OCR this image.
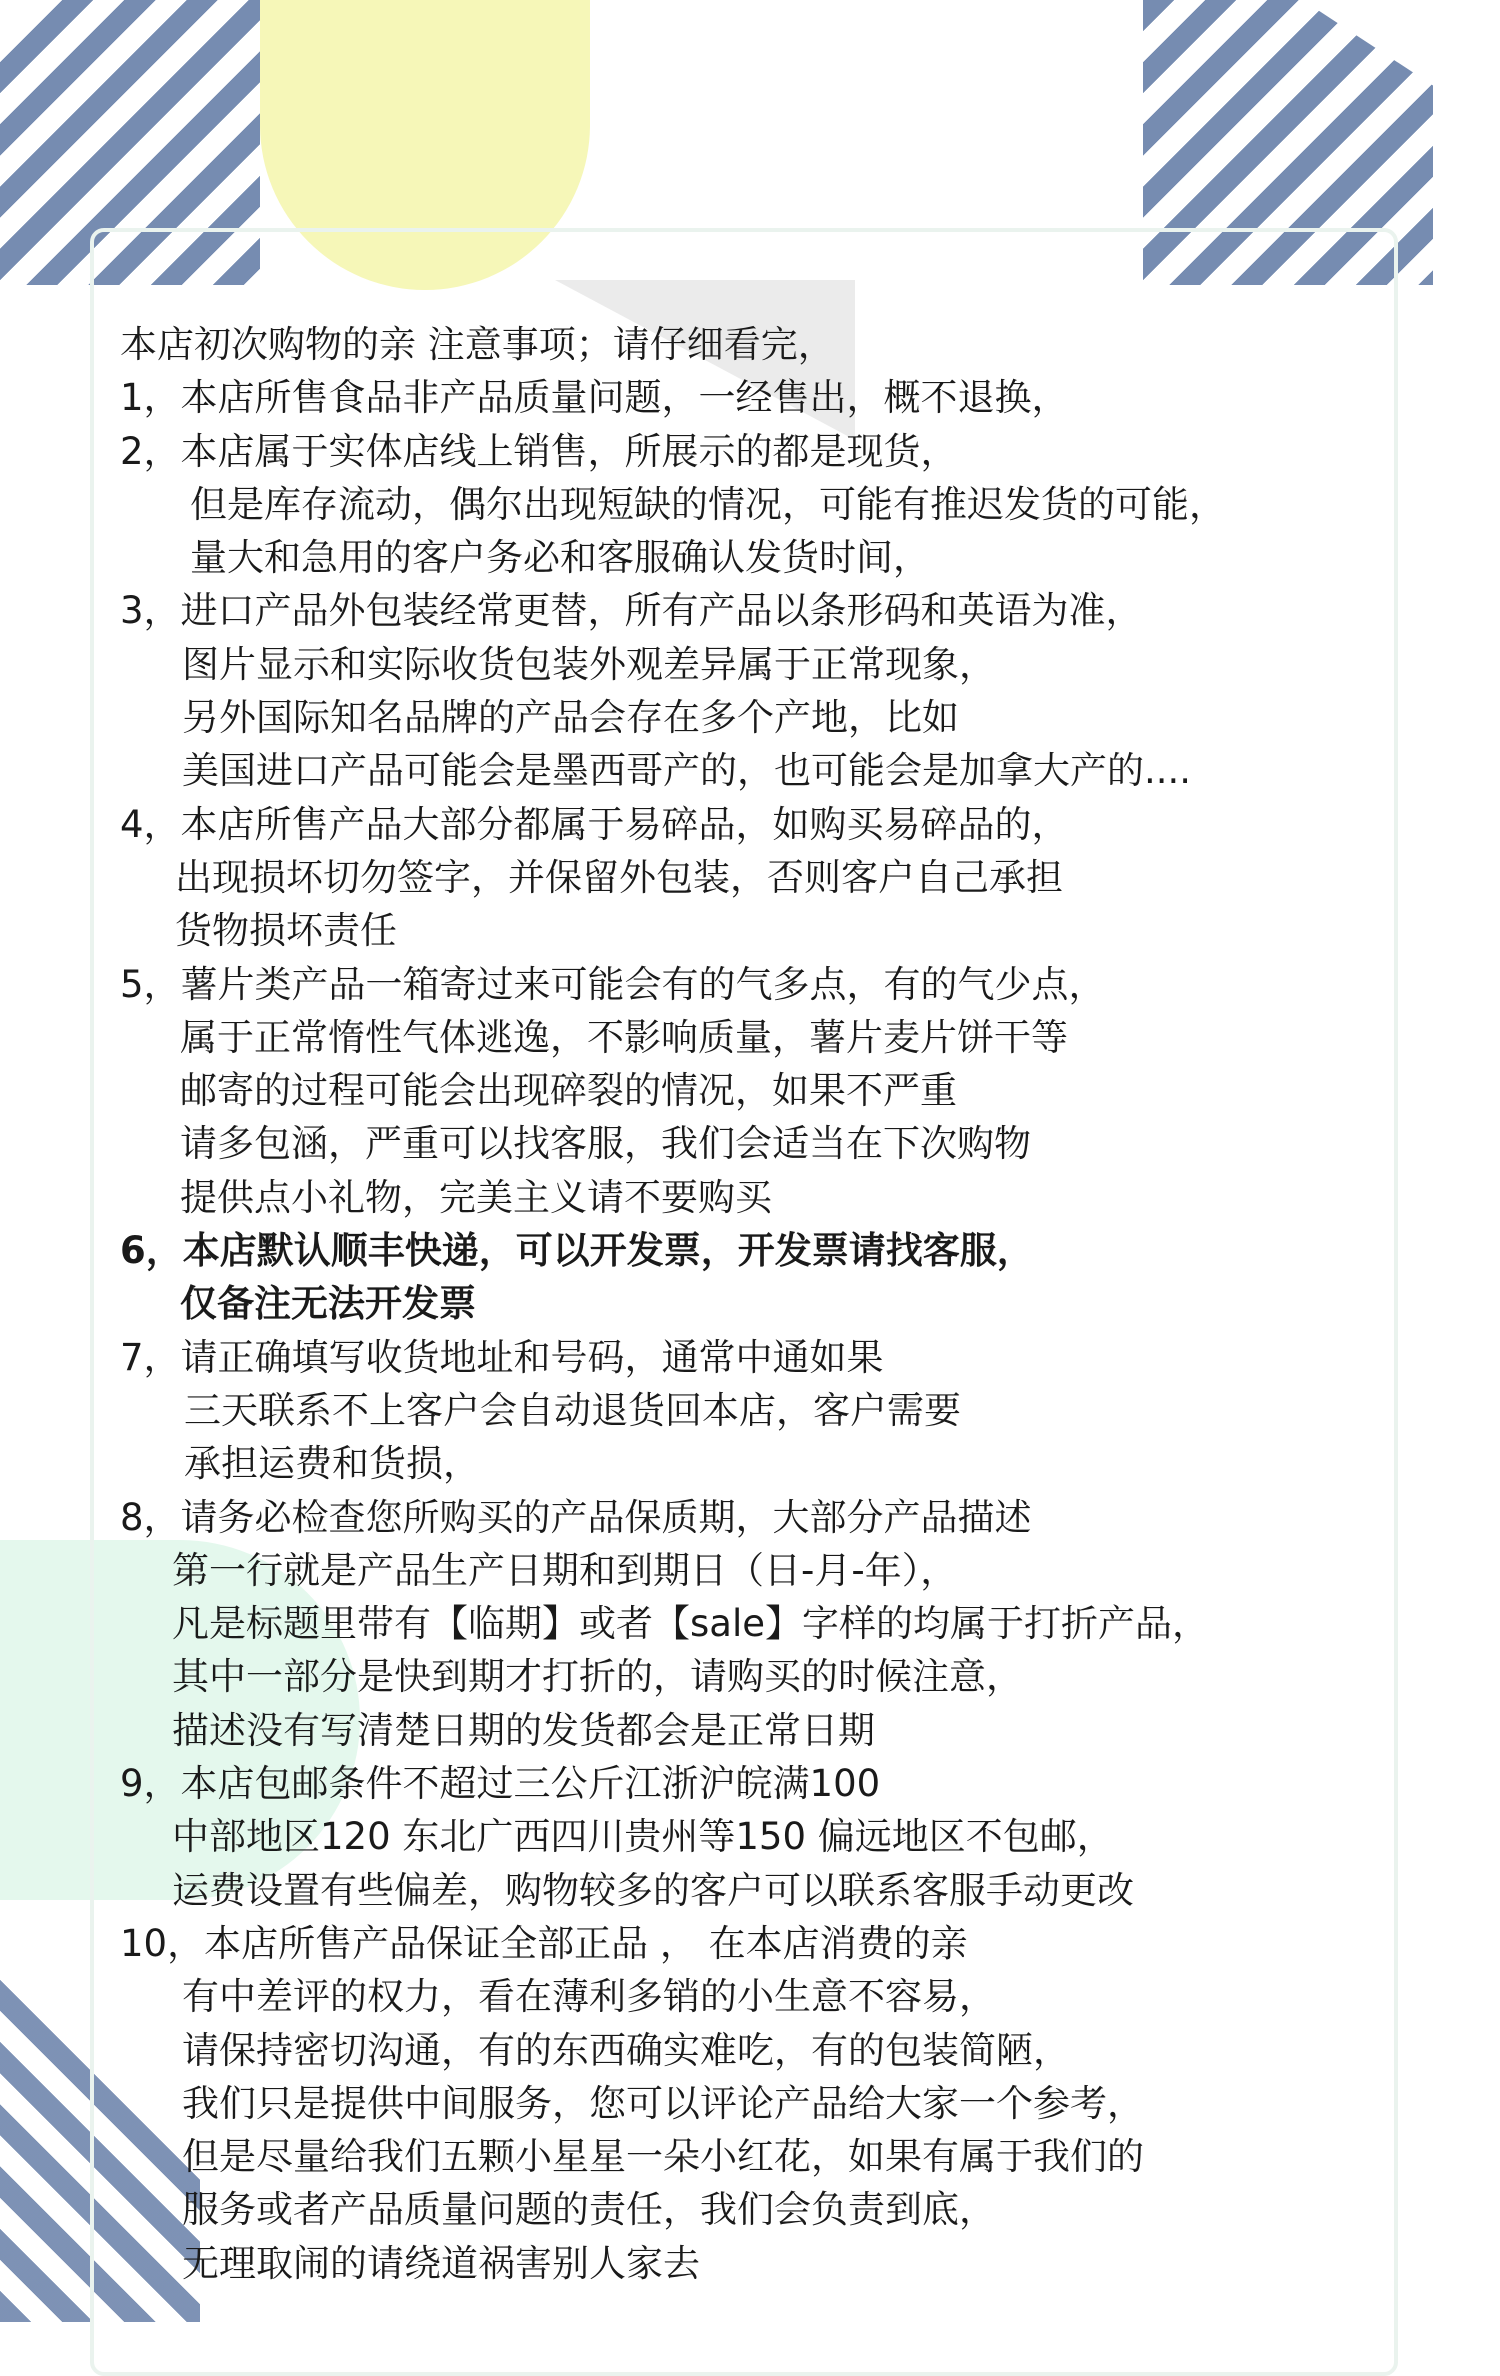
本店初次购物的亲 注意事项；请仔细看完，
1，本店所售食品非产品质量问题，一经售出，概不退换，
2，本店属于实体店线上销售，所展示的都是现货，
但是库存流动，偶尔出现短缺的情况，可能有推迟发货的可能，
量大和急用的客户务必和客服确认发货时间，
3，进口产品外包装经常更替，所有产品以条形码和英语为准，
图片显示和实际收货包装外观差异属于正常现象，
另外国际知名品牌的产品会存在多个产地，比如
美国进口产品可能会是墨西哥产的，也可能会是加拿大产的....
4，本店所售产品大部分都属于易碎品，如购买易碎品的，
出现损坏切勿签字，并保留外包装，否则客户自己承担
货物损坏责任
5，薯片类产品一箱寄过来可能会有的气多点，有的气少点，
属于正常惰性气体逃逸，不影响质量，薯片麦片饼干等
邮寄的过程可能会出现碎裂的情况，如果不严重
请多包涵，严重可以找客服，我们会适当在下次购物
提供点小礼物，完美主义请不要购买
6，本店默认顺丰快递，可以开发票，开发票请找客服，
仅备注无法开发票
7，请正确填写收货地址和号码，通常中通如果
三天联系不上客户会自动退货回本店，客户需要
承担运费和货损，
8，请务必检查您所购买的产品保质期，大部分产品描述
第一行就是产品生产日期和到期日（日-月-年），
凡是标题里带有【临期】或者【sale】字样的均属于打折产品，
其中一部分是快到期才打折的，请购买的时候注意，
描述没有写清楚日期的发货都会是正常日期
9，本店包邮条件不超过三公斤江浙沪皖满100
中部地区120 东北广西四川贵州等150 偏远地区不包邮，
运费设置有些偏差，购物较多的客户可以联系客服手动更改
10，本店所售产品保证全部正品 ， 在本店消费的亲
有中差评的权力，看在薄利多销的小生意不容易，
请保持密切沟通，有的东西确实难吃，有的包装简陋，
我们只是提供中间服务，您可以评论产品给大家一个参考，
但是尽量给我们五颗小星星一朵小红花，如果有属于我们的
服务或者产品质量问题的责任，我们会负责到底，
无理取闹的请绕道祸害别人家去
